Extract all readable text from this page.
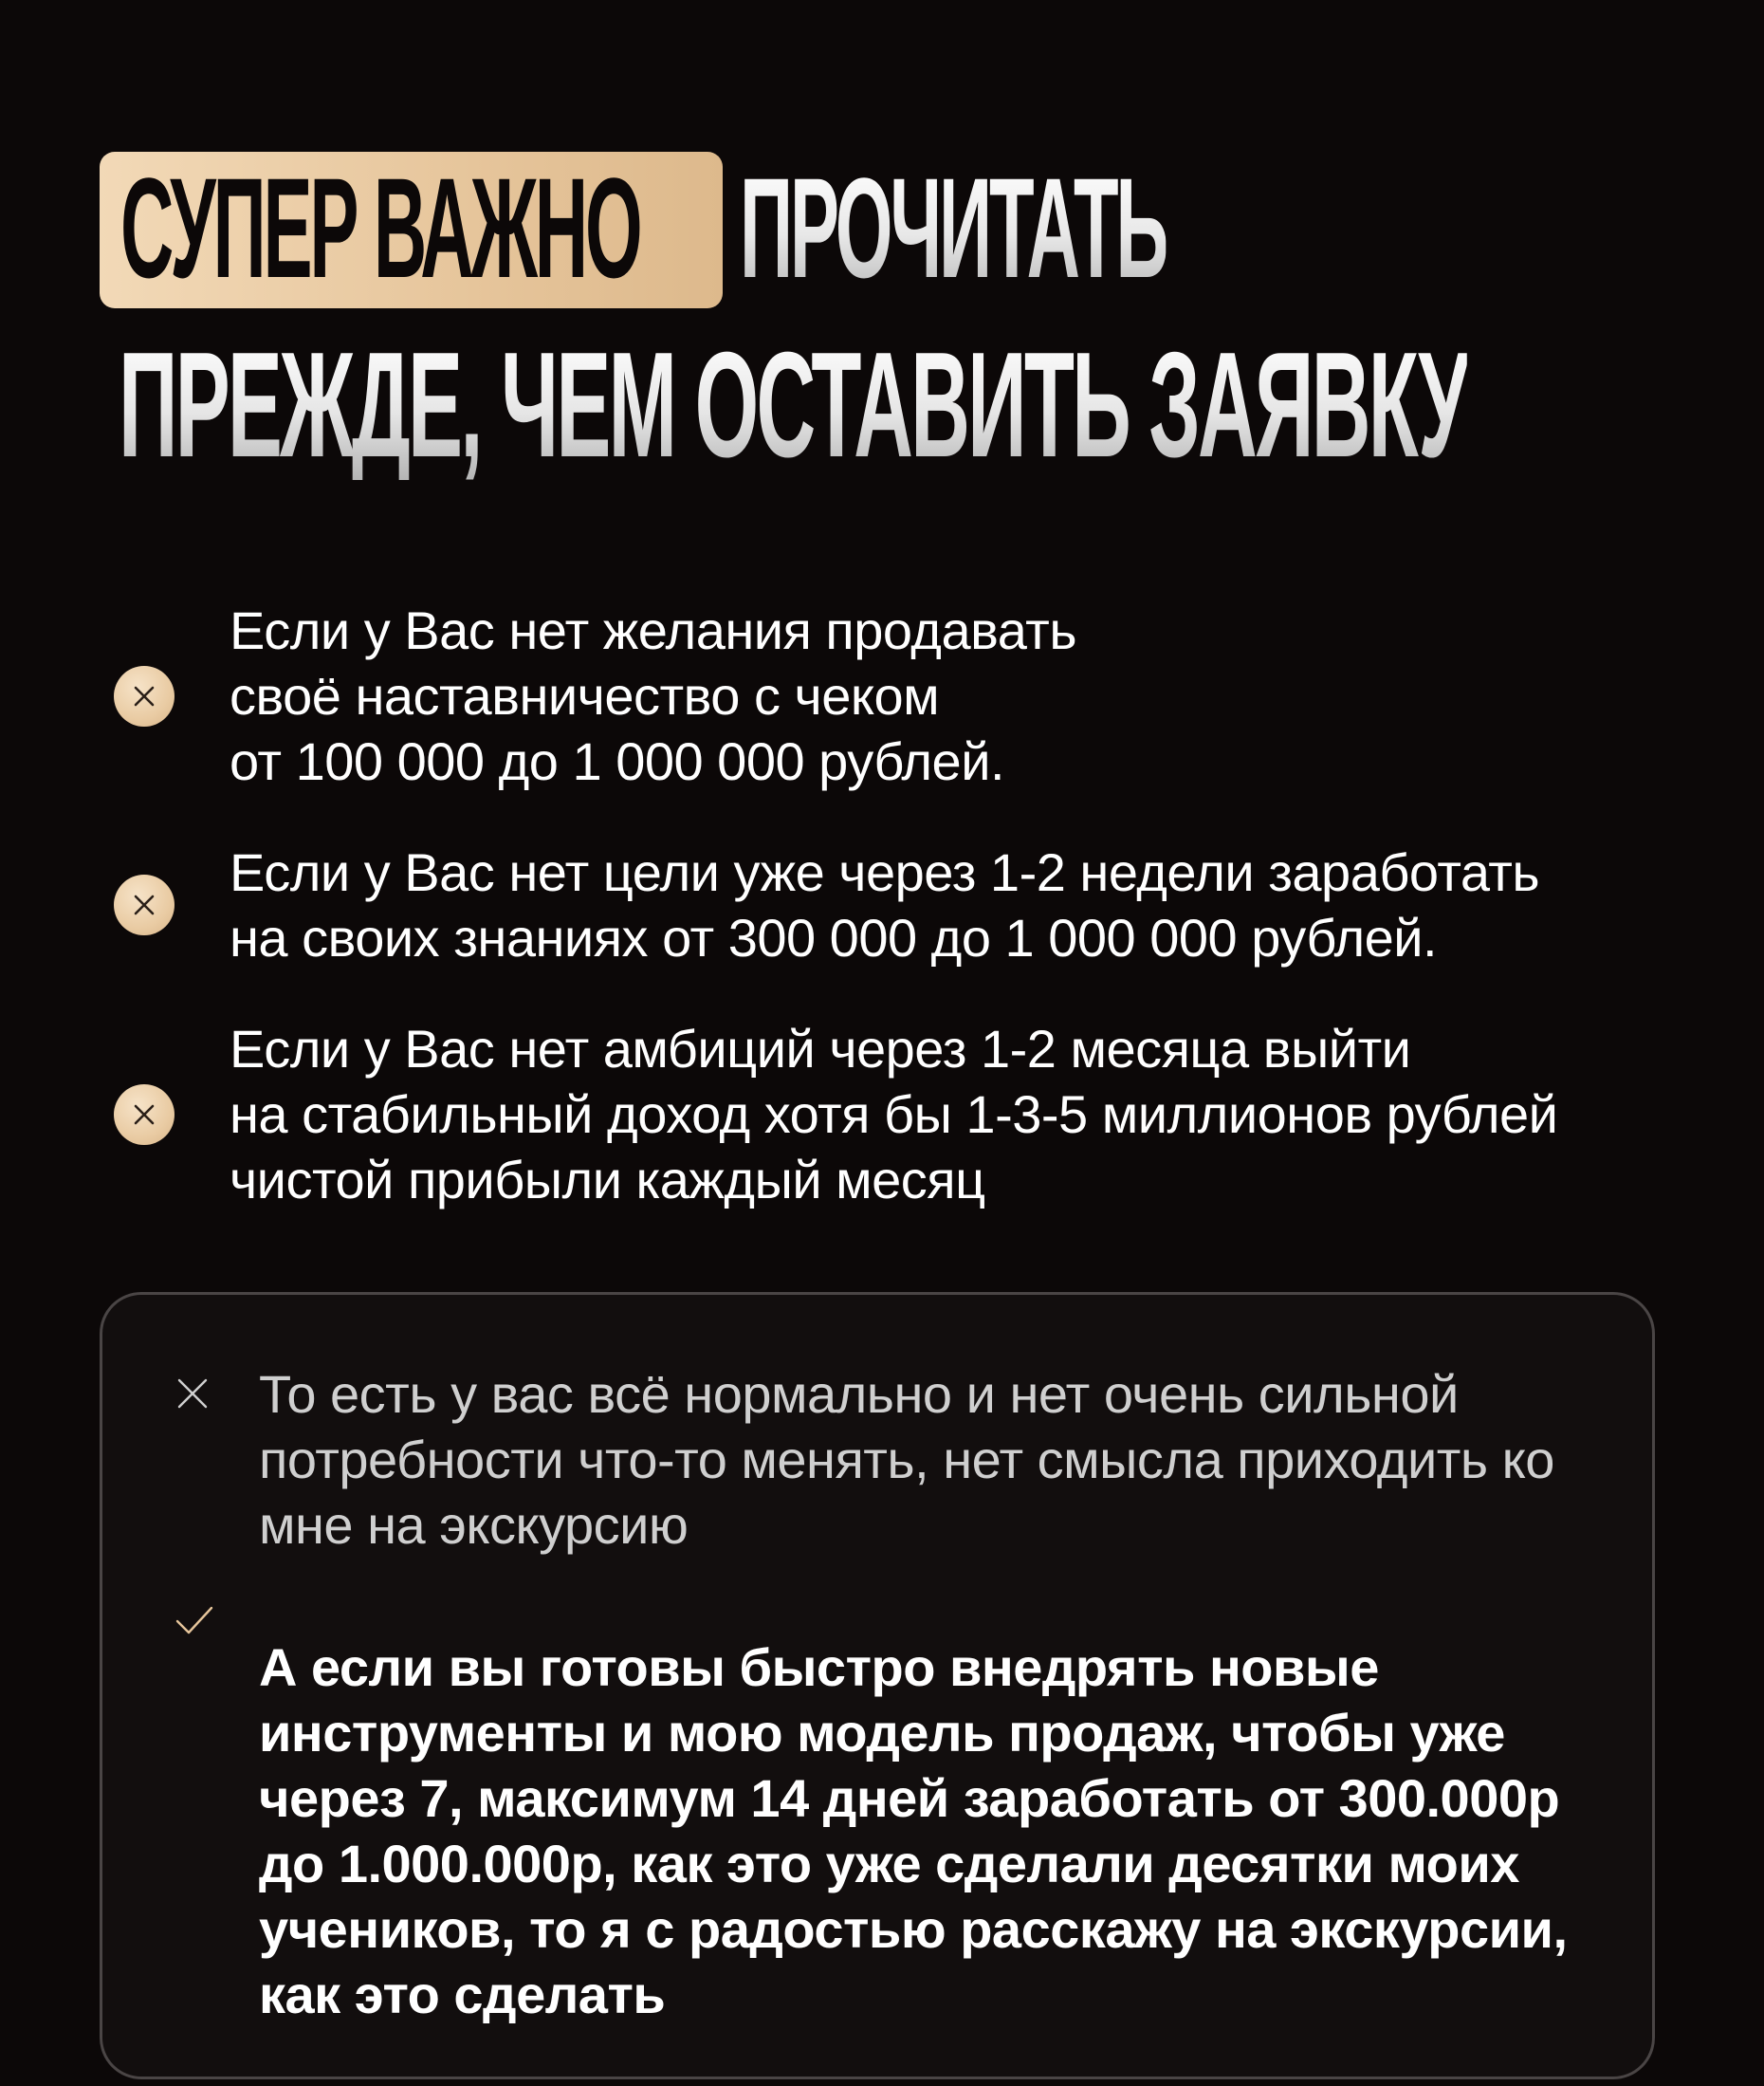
СУПЕР ВАЖНО ПРОЧИТАТЬ
ПРЕЖДЕ, ЧЕМ ОСТАВИТЬ ЗАЯВКУ
Если у Вас нет желания продавать
своё наставничество с чеком
от 100 000 до 1 000 000 рублей.
Если у Вас нет цели уже через 1-2 недели заработать
на своих знаниях от 300 000 до 1 000 000 рублей.
Если у Вас нет амбиций через 1-2 месяца выйти
на стабильный доход хотя бы 1-3-5 миллионов рублей
чистой прибыли каждый месяц
То есть у вас всё нормально и нет очень сильной потребности что-то менять, нет смысла приходить ко мне на экскурсию
А если вы готовы быстро внедрять новые инструменты и мою модель продаж, чтобы уже через 7, максимум 14 дней заработать от 300.000р до 1.000.000р, как это уже сделали десятки моих учеников, то я с радостью расскажу на экскурсии, как это сделать
